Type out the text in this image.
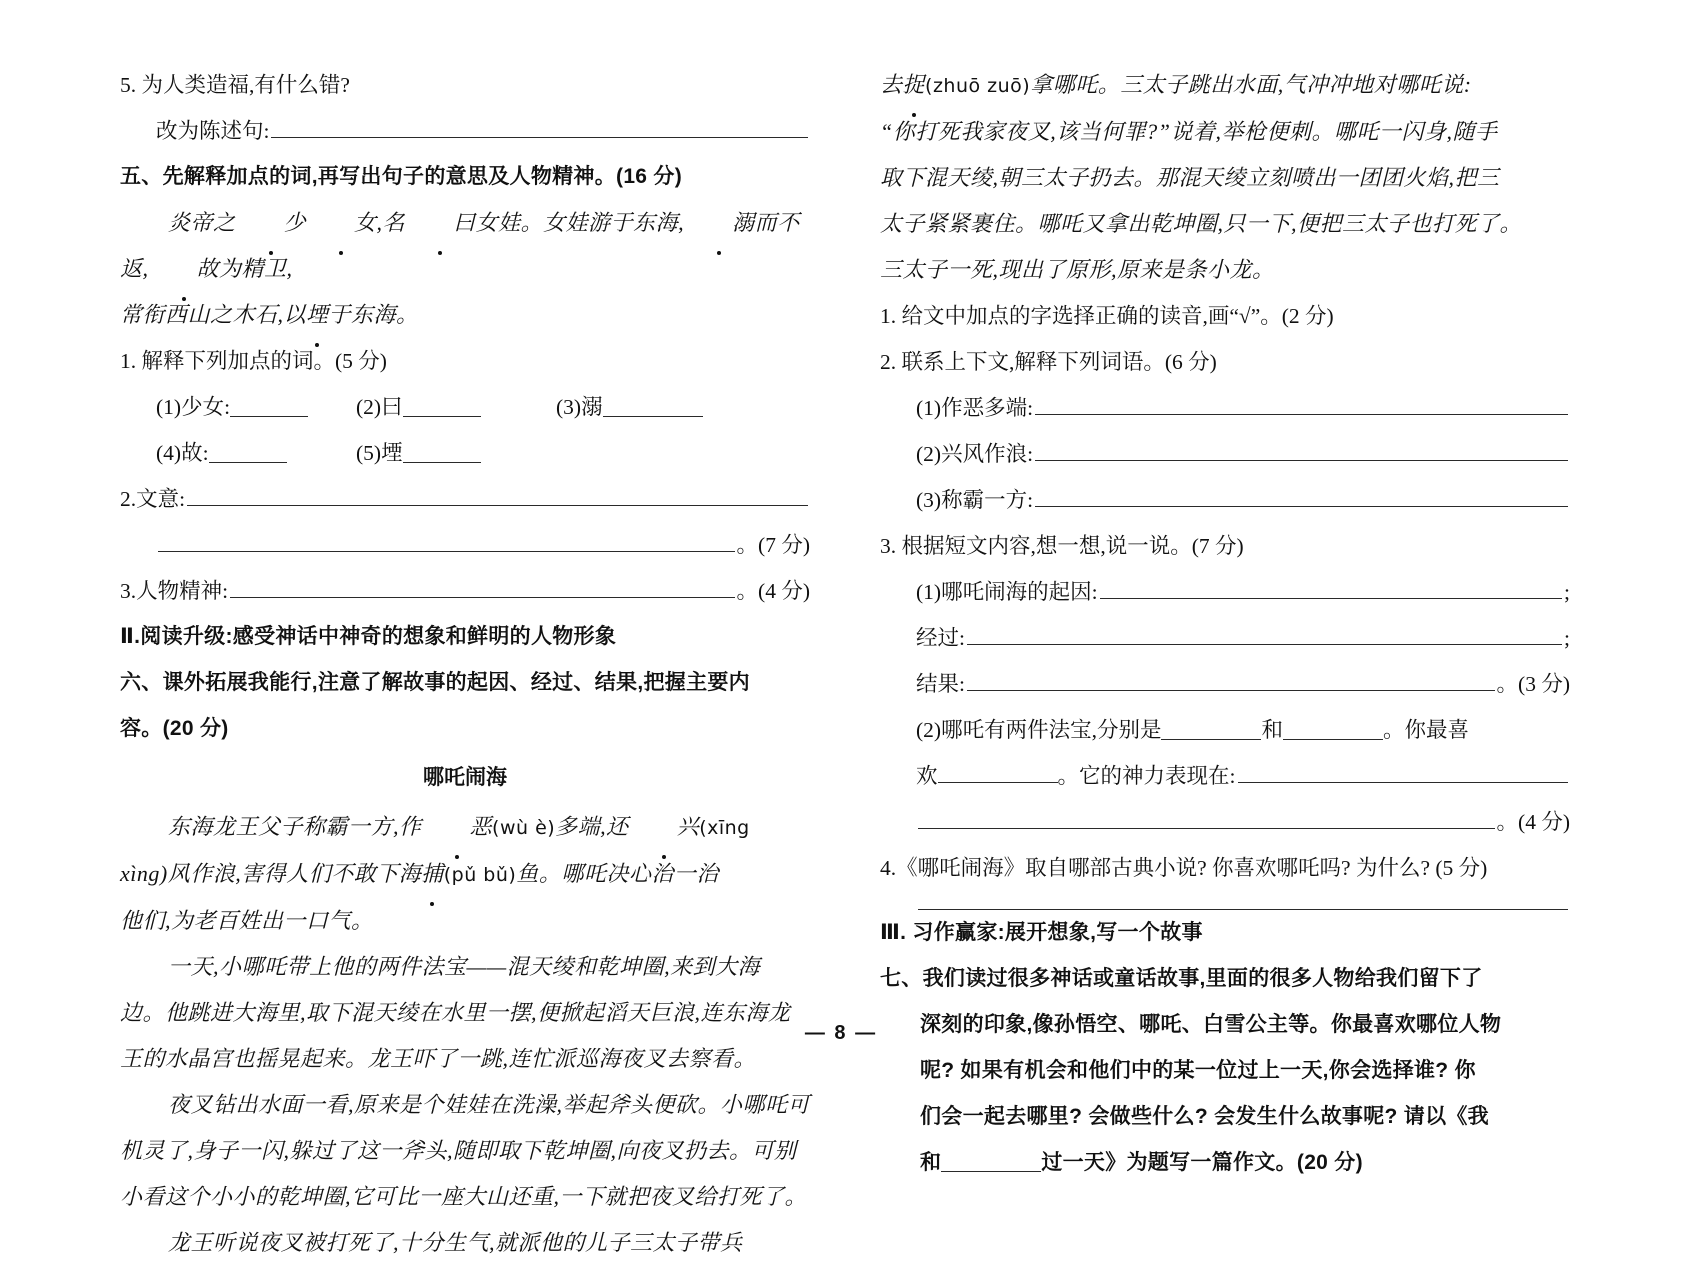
5. 为人类造福,有什么错?
改为陈述句:
五、先解释加点的词,再写出句子的意思及人物精神。(16 分)
炎帝之 少 女,名 曰女娃。女娃游于东海, 溺而不返, 故为精卫,
常衔西山之木石,以堙于东海。
1. 解释下列加点的词。(5 分)
(1)少女:	(2)曰	(3)溺
(4)故:	(5)堙
2. 文意:
。(7 分)
3. 人物精神:	。(4 分)
Ⅱ.阅读升级:感受神话中神奇的想象和鲜明的人物形象
六、课外拓展我能行,注意了解故事的起因、经过、结果,把握主要内
容。(20 分)
哪吒闹海
东海龙王父子称霸一方,作 恶(wù è)多端,还 兴(xīng
xìng)风作浪,害得人们不敢下海捕(pǔ bǔ)鱼。哪吒决心治一治
他们,为老百姓出一口气。
一天,小哪吒带上他的两件法宝——混天绫和乾坤圈,来到大海
边。他跳进大海里,取下混天绫在水里一摆,便掀起滔天巨浪,连东海龙
王的水晶宫也摇晃起来。龙王吓了一跳,连忙派巡海夜叉去察看。
夜叉钻出水面一看,原来是个娃娃在洗澡,举起斧头便砍。小哪吒可
机灵了,身子一闪,躲过了这一斧头,随即取下乾坤圈,向夜叉扔去。可别
小看这个小小的乾坤圈,它可比一座大山还重,一下就把夜叉给打死了。
龙王听说夜叉被打死了,十分生气,就派他的儿子三太子带兵
去捉(zhuō zuō)拿哪吒。三太子跳出水面,气冲冲地对哪吒说:
“你打死我家夜叉,该当何罪?”说着,举枪便刺。哪吒一闪身,随手
取下混天绫,朝三太子扔去。那混天绫立刻喷出一团团火焰,把三
太子紧紧裹住。哪吒又拿出乾坤圈,只一下,便把三太子也打死了。
三太子一死,现出了原形,原来是条小龙。
1. 给文中加点的字选择正确的读音,画“√”。(2 分)
2. 联系上下文,解释下列词语。(6 分)
(1)作恶多端:
(2)兴风作浪:
(3)称霸一方:
3. 根据短文内容,想一想,说一说。(7 分)
(1)哪吒闹海的起因:	;
经过:	;
结果:	。(3 分)
(2)哪吒有两件法宝,分别是	和	。你最喜
欢	。它的神力表现在:
。(4 分)
4.《哪吒闹海》取自哪部古典小说? 你喜欢哪吒吗? 为什么? (5 分)
Ⅲ. 习作赢家:展开想象,写一个故事
七、我们读过很多神话或童话故事,里面的很多人物给我们留下了
深刻的印象,像孙悟空、哪吒、白雪公主等。你最喜欢哪位人物
呢? 如果有机会和他们中的某一位过上一天,你会选择谁? 你
们会一起去哪里? 会做些什么? 会发生什么故事呢? 请以《我
和	过一天》为题写一篇作文。(20 分)
— 8 —
